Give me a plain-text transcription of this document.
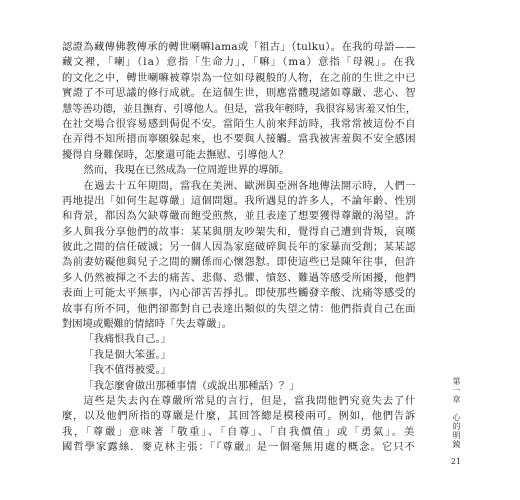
認證為藏傳佛教傳承的轉世喇嘛lama或「祖古」（tulku）。在我的母語——
藏文裡，「喇」（la）意指「生命力」，「嘛」（ma）意指「母親」。在我
的文化之中，轉世喇嘛被尊崇為一位如母親般的人物，在之前的生世之中已
實證了不可思議的修行成就。在這個生世，則應當體現諸如尊嚴、悲心、智
慧等善功德，並且撫育、引導他人。但是，當我年輕時，我很容易害羞又怕生，
在社交場合很容易感到侷促不安。當陌生人前來拜訪時，我常常被這份不自
在弄得不知所措而寧願躲起來，也不要與人接觸。當我被害羞與不安全感困
擾得自身難保時，怎麼還可能去撫慰、引導他人？
然而，我現在已然成為一位周遊世界的導師。
在過去十五年期間，當我在美洲、歐洲與亞洲各地傳法開示時，人們一
再地提出「如何生起尊嚴」這個問題。我所遇見的許多人，不論年齡、性別
和背景，都因為欠缺尊嚴而飽受煎熬，並且表達了想要獲得尊嚴的渴望。許
多人與我分享他們的故事：某某與朋友吵架失和，覺得自己遭到背叛，哀嘆
彼此之間的信任破滅；另一個人因為家庭破碎與長年的家暴而受創；某某認
為前妻妨礙他與兒子之間的關係而心懷怨懟。即使這些已是陳年往事，但許
多人仍然被揮之不去的痛苦、悲傷、恐懼、憤怒、難過等感受所困擾，他們
表面上可能太平無事，內心卻苦苦掙扎。即使那些觸發辛酸、沈痛等感受的
故事有所不同，他們卻都對自己表達出類似的失望之情：他們指責自己在面
對困境或艱難的情緒時「失去尊嚴」。
「我痛恨我自己。」
「我是個大笨蛋。」
「我不值得被愛。」
「我怎麼會做出那種事情（或說出那種話）？」
這些是失去內在尊嚴所常見的言行，但是，當我問他們究竟失去了什
麼，以及他們所指的尊嚴是什麼，其回答總是模稜兩可。例如，他們告訴
我，「尊嚴」意味著「敬重」、「自尊」、「自我價值」或「勇氣」。美
國哲學家露絲．麥克林主張：「『尊嚴』是一個毫無用處的概念。它只不	第一章　心的明鏡
21
